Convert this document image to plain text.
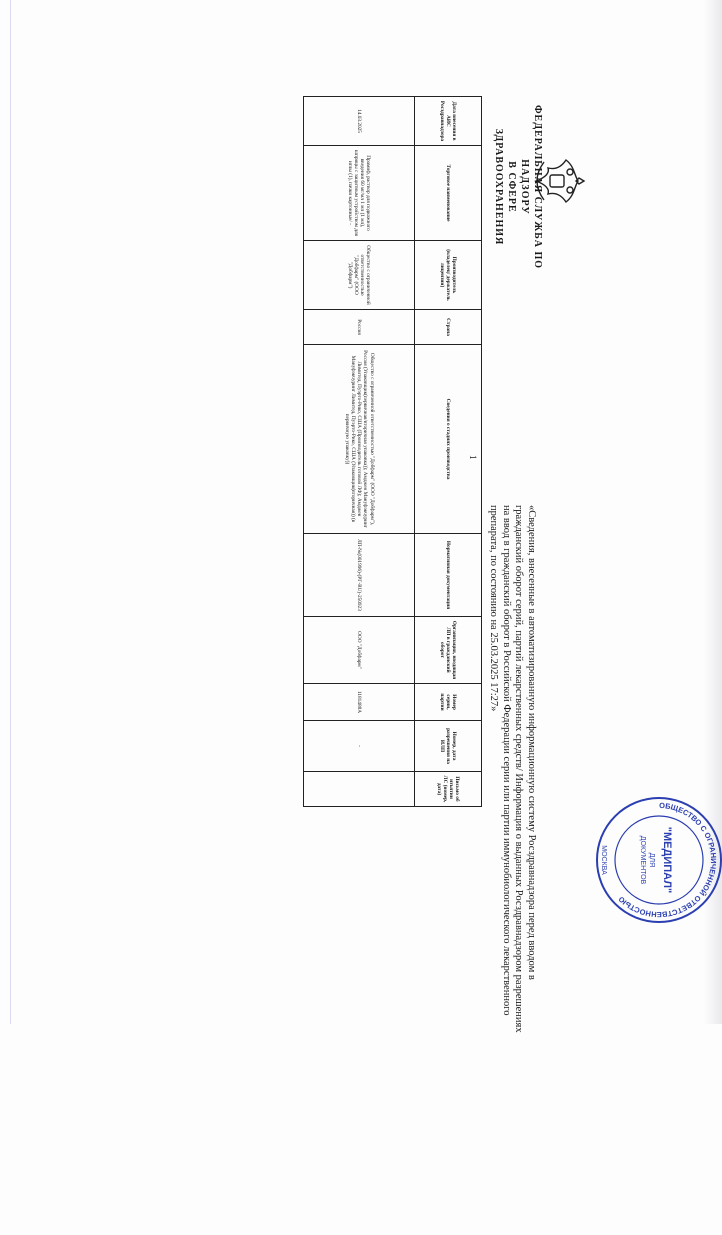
ФЕДЕРАЛЬНАЯ СЛУЖБА ПО НАДЗОРУ
В СФЕРЕ ЗДРАВООХРАНЕНИЯ
«Сведения, внесенные в автоматизированную информационную систему Росздравнадзора перед вводом в
гражданский оборот серий, партий лекарственных средств/ Информация о выданных Росздравнадзором разрешениях
на ввод в гражданский оборот в Российской Федерации серии или партии иммунобиологического лекарственного
препарата, по состоянию на 25.03.2025 17:27»
1
Дата внесения в АИС Росздравнадзора	Торговое наименование	Производитель (владелец/ держатель лицензии)	Страна	Сведения о стадиях производства	Нормативная документация	Организация, вводящая ЛП в гражданский оборот	Номер серии, партии	Номер, дата разрешения на ИЛП	Письмо об изъятии ЛС (номер, дата)
14.03.2025	Прамиф, раствор для подкожного введения 60 мг/мл 1 мл (1 мл), шприцы с защитным устройством для иглы (1), пачки картонные/ -	Общество с ограниченной ответственностью "Добфарм" (ООО "Добфарм")	Россия	Общество с ограниченной ответственностью "Добфарм" (ООО "Добфарм"), Россия (Упаковщик(первичная/вторичная упаковка)); Амджен Мануфэкчуринг Лимитед, Пуэрто-Рико, США (Производитель готовой ЛФ); Амджен Мануфэкчуринг Лимитед, Пуэрто-Рико, США (Упаковщик(вторичная)) (в первичную упаковку))	ЛП-№(001996)-(РГ-RU)-250923	ООО "Добфарм"	1181488A	-	
ОБЩЕСТВО С ОГРАНИЧЕННОЙ ОТВЕТСТВЕННОСТЬЮ
МОСКВА	"МЕДИПАЛ"
ДЛЯ
ДОКУМЕНТОВ
